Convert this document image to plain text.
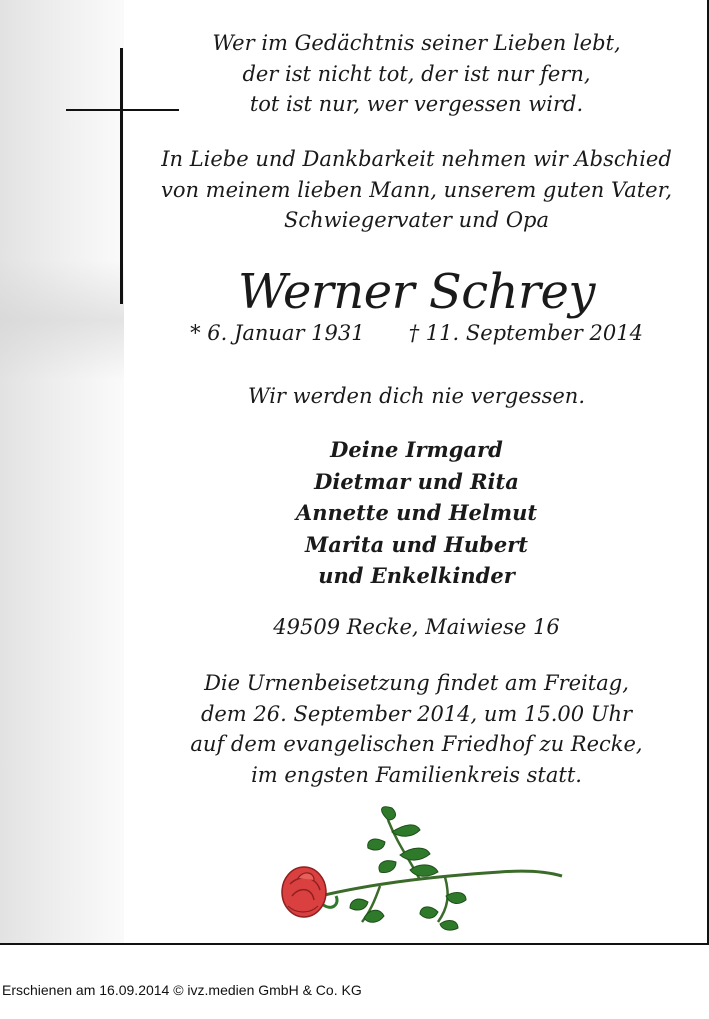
Wer im Gedächtnis seiner Lieben lebt,
der ist nicht tot, der ist nur fern,
tot ist nur, wer vergessen wird.
In Liebe und Dankbarkeit nehmen wir Abschied
von meinem lieben Mann, unserem guten Vater,
Schwiegervater und Opa
Werner Schrey
* 6. Januar 1931 † 11. September 2014
Wir werden dich nie vergessen.
Deine Irmgard
Dietmar und Rita
Annette und Helmut
Marita und Hubert
und Enkelkinder
49509 Recke, Maiwiese 16
Die Urnenbeisetzung findet am Freitag,
dem 26. September 2014, um 15.00 Uhr
auf dem evangelischen Friedhof zu Recke,
im engsten Familienkreis statt.
Erschienen am 16.09.2014 © ivz.medien GmbH & Co. KG
